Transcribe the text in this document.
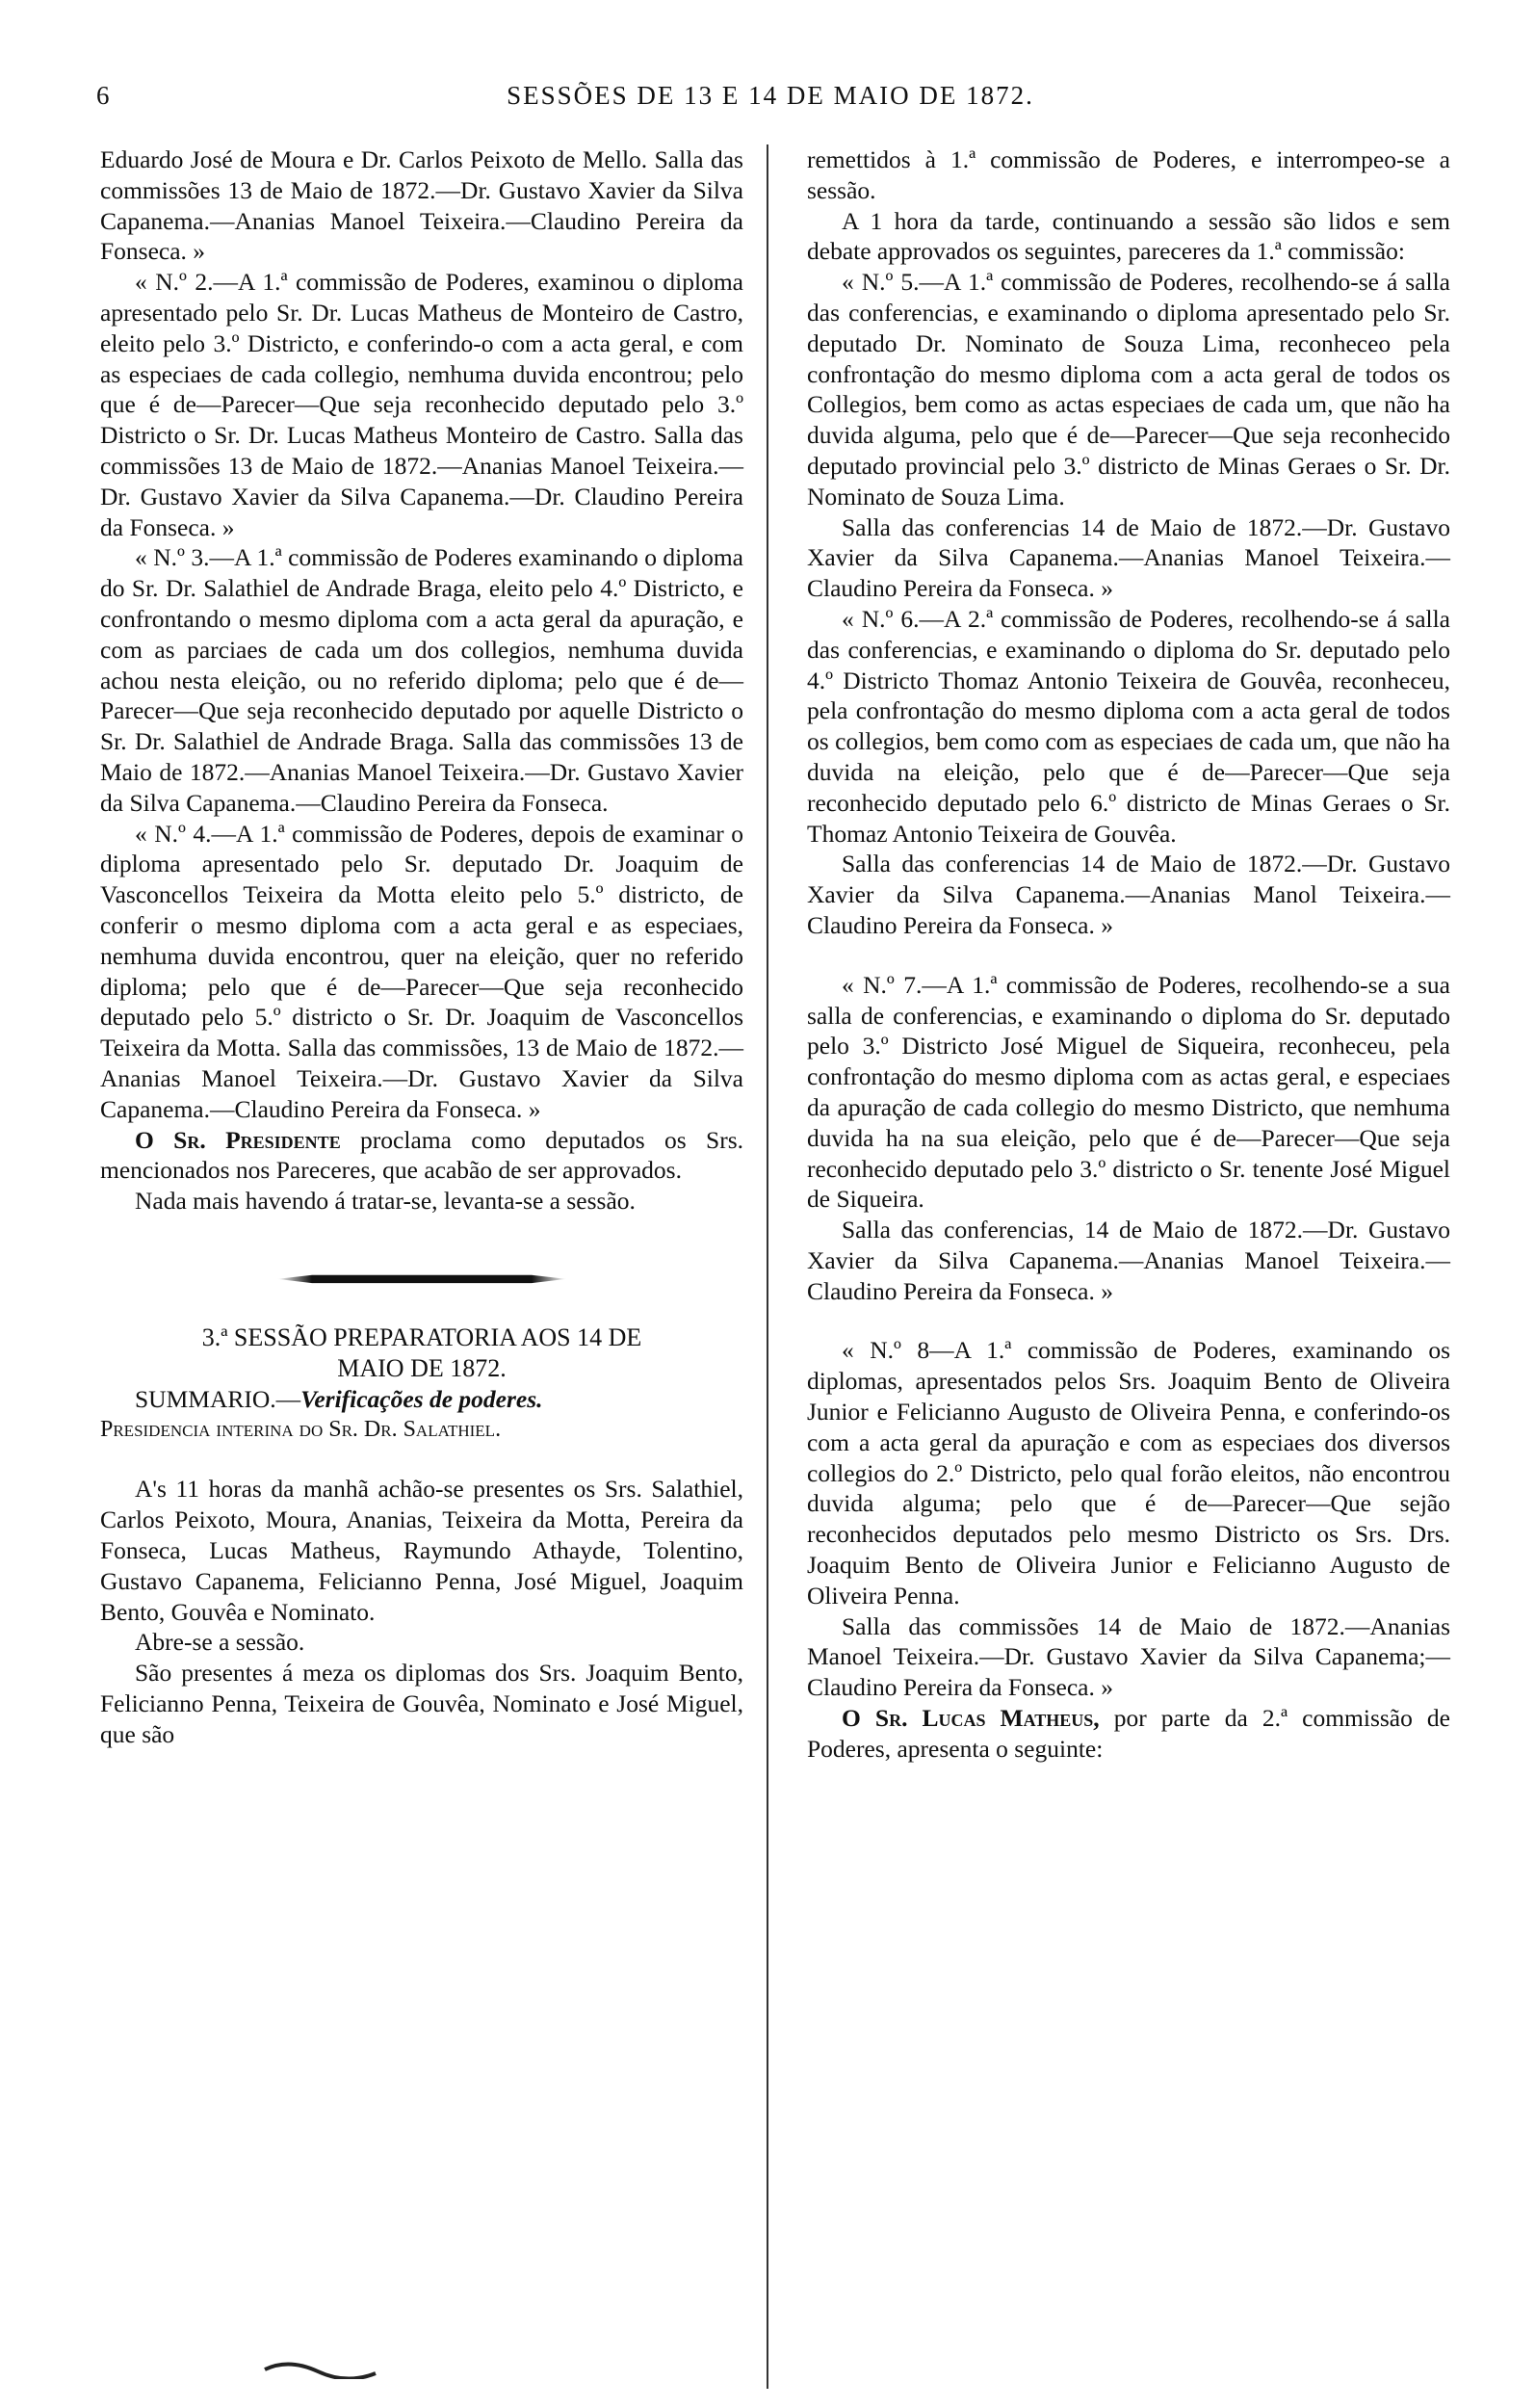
6	SESSÕES DE 13 E 14 DE MAIO DE 1872.

Eduardo José de Moura e Dr. Carlos Peixoto de Mello. Salla das commissões 13 de Maio de 1872.—Dr. Gustavo Xavier da Silva Capanema.—Ananias Manoel Teixeira.—Claudino Pereira da Fonseca. »

« N.º 2.—A 1.ª commissão de Poderes, examinou o diploma apresentado pelo Sr. Dr. Lucas Matheus de Monteiro de Castro, eleito pelo 3.º Districto, e conferindo-o com a acta geral, e com as especiaes de cada collegio, nemhuma duvida encontrou; pelo que é de—Parecer—Que seja reconhecido deputado pelo 3.º Districto o Sr. Dr. Lucas Matheus Monteiro de Castro. Salla das commissões 13 de Maio de 1872.—Ananias Manoel Teixeira.—Dr. Gustavo Xavier da Silva Capanema.—Dr. Claudino Pereira da Fonseca. »

« N.º 3.—A 1.ª commissão de Poderes examinando o diploma do Sr. Dr. Salathiel de Andrade Braga, eleito pelo 4.º Districto, e confrontando o mesmo diploma com a acta geral da apuração, e com as parciaes de cada um dos collegios, nemhuma duvida achou nesta eleição, ou no referido diploma; pelo que é de—Parecer—Que seja reconhecido deputado por aquelle Districto o Sr. Dr. Salathiel de Andrade Braga. Salla das commissões 13 de Maio de 1872.—Ananias Manoel Teixeira.—Dr. Gustavo Xavier da Silva Capanema.—Claudino Pereira da Fonseca.

« N.º 4.—A 1.ª commissão de Poderes, depois de examinar o diploma apresentado pelo Sr. deputado Dr. Joaquim de Vasconcellos Teixeira da Motta eleito pelo 5.º districto, de conferir o mesmo diploma com a acta geral e as especiaes, nemhuma duvida encontrou, quer na eleição, quer no referido diploma; pelo que é de—Parecer—Que seja reconhecido deputado pelo 5.º districto o Sr. Dr. Joaquim de Vasconcellos Teixeira da Motta. Salla das commissões, 13 de Maio de 1872.—Ananias Manoel Teixeira.—Dr. Gustavo Xavier da Silva Capanema.—Claudino Pereira da Fonseca. »

O Sr. Presidente proclama como deputados os Srs. mencionados nos Pareceres, que acabão de ser approvados.

Nada mais havendo á tratar-se, levanta-se a sessão.

3.ª SESSÃO PREPARATORIA AOS 14 DE

MAIO DE 1872.

SUMMARIO.—Verificações de poderes.

Presidencia interina do Sr. Dr. Salathiel.

A's 11 horas da manhã achão-se presentes os Srs. Salathiel, Carlos Peixoto, Moura, Ananias, Teixeira da Motta, Pereira da Fonseca, Lucas Matheus, Raymundo Athayde, Tolentino, Gustavo Capanema, Felicianno Penna, José Miguel, Joaquim Bento, Gouvêa e Nominato.

Abre-se a sessão.

São presentes á meza os diplomas dos Srs. Joaquim Bento, Felicianno Penna, Teixeira de Gouvêa, Nominato e José Miguel, que são

remettidos à 1.ª commissão de Poderes, e interrompeo-se a sessão.

A 1 hora da tarde, continuando a sessão são lidos e sem debate approvados os seguintes, pareceres da 1.ª commissão:

« N.º 5.—A 1.ª commissão de Poderes, recolhendo-se á salla das conferencias, e examinando o diploma apresentado pelo Sr. deputado Dr. Nominato de Souza Lima, reconheceo pela confrontação do mesmo diploma com a acta geral de todos os Collegios, bem como as actas especiaes de cada um, que não ha duvida alguma, pelo que é de—Parecer—Que seja reconhecido deputado provincial pelo 3.º districto de Minas Geraes o Sr. Dr. Nominato de Souza Lima.

Salla das conferencias 14 de Maio de 1872.—Dr. Gustavo Xavier da Silva Capanema.—Ananias Manoel Teixeira.—Claudino Pereira da Fonseca. »

« N.º 6.—A 2.ª commissão de Poderes, recolhendo-se á salla das conferencias, e examinando o diploma do Sr. deputado pelo 4.º Districto Thomaz Antonio Teixeira de Gouvêa, reconheceu, pela confrontação do mesmo diploma com a acta geral de todos os collegios, bem como com as especiaes de cada um, que não ha duvida na eleição, pelo que é de—Parecer—Que seja reconhecido deputado pelo 6.º districto de Minas Geraes o Sr. Thomaz Antonio Teixeira de Gouvêa.

Salla das conferencias 14 de Maio de 1872.—Dr. Gustavo Xavier da Silva Capanema.—Ananias Manol Teixeira.—Claudino Pereira da Fonseca. »

« N.º 7.—A 1.ª commissão de Poderes, recolhendo-se a sua salla de conferencias, e examinando o diploma do Sr. deputado pelo 3.º Districto José Miguel de Siqueira, reconheceu, pela confrontação do mesmo diploma com as actas geral, e especiaes da apuração de cada collegio do mesmo Districto, que nemhuma duvida ha na sua eleição, pelo que é de—Parecer—Que seja reconhecido deputado pelo 3.º districto o Sr. tenente José Miguel de Siqueira.

Salla das conferencias, 14 de Maio de 1872.—Dr. Gustavo Xavier da Silva Capanema.—Ananias Manoel Teixeira.—Claudino Pereira da Fonseca. »

« N.º 8—A 1.ª commissão de Poderes, examinando os diplomas, apresentados pelos Srs. Joaquim Bento de Oliveira Junior e Felicianno Augusto de Oliveira Penna, e conferindo-os com a acta geral da apuração e com as especiaes dos diversos collegios do 2.º Districto, pelo qual forão eleitos, não encontrou duvida alguma; pelo que é de—Parecer—Que sejão reconhecidos deputados pelo mesmo Districto os Srs. Drs. Joaquim Bento de Oliveira Junior e Felicianno Augusto de Oliveira Penna.

Salla das commissões 14 de Maio de 1872.—Ananias Manoel Teixeira.—Dr. Gustavo Xavier da Silva Capanema;—Claudino Pereira da Fonseca. »

O Sr. Lucas Matheus, por parte da 2.ª commissão de Poderes, apresenta o seguinte:
